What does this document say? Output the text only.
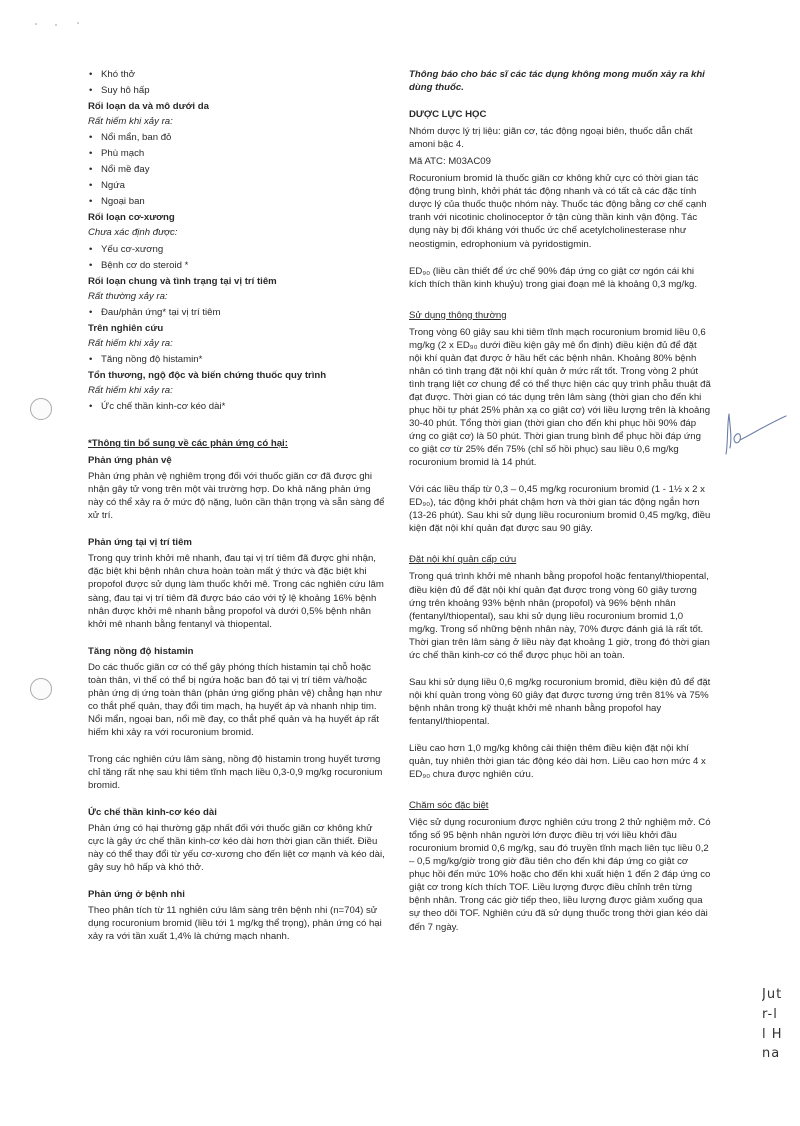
Jut
r-l
l H
na
• Khó thở
• Suy hô hấp
Rối loạn da và mô dưới da
Rất hiếm khi xảy ra:
• Nổi mẩn, ban đỏ
• Phù mạch
• Nổi mề đay
• Ngứa
• Ngoại ban
Rối loạn cơ-xương
Chưa xác định được:
• Yếu cơ-xương
• Bệnh cơ do steroid *
Rối loạn chung và tình trạng tại vị trí tiêm
Rất thường xảy ra:
• Đau/phản ứng* tại vị trí tiêm
Trên nghiên cứu
Rất hiếm khi xảy ra:
• Tăng nồng độ histamin*
Tổn thương, ngộ độc và biến chứng thuốc quy trình
Rất hiếm khi xảy ra:
• Ức chế thần kinh-cơ kéo dài*
*Thông tin bổ sung về các phản ứng có hại:
Phản ứng phản vệ

Phản ứng phản vệ nghiêm trọng đối với thuốc giãn cơ đã được ghi nhận gây tử vong trên một vài trường hợp. Do khả năng phản ứng này có thể xảy ra ở mức độ nặng, luôn cần thận trọng và sẵn sàng để xử trí.

Phản ứng tại vị trí tiêm

Trong quy trình khởi mê nhanh, đau tại vị trí tiêm đã được ghi nhận, đặc biệt khi bệnh nhân chưa hoàn toàn mất ý thức và đặc biệt khi propofol được sử dụng làm thuốc khởi mê. Trong các nghiên cứu lâm sàng, đau tại vị trí tiêm đã được báo cáo với tỷ lệ khoảng 16% bệnh nhân được khởi mê nhanh bằng propofol và dưới 0,5% bệnh nhân khởi mê nhanh bằng fentanyl và thiopental.

Tăng nồng độ histamin

Do các thuốc giãn cơ có thể gây phóng thích histamin tại chỗ hoặc toàn thân, vì thế có thể bị ngứa hoặc ban đỏ tại vị trí tiêm và/hoặc phản ứng dị ứng toàn thân (phản ứng giống phản vệ) chẳng hạn như co thắt phế quản, thay đổi tim mạch, hạ huyết áp và nhanh nhịp tim. Nổi mẩn, ngoại ban, nổi mề đay, co thắt phế quản và hạ huyết áp rất hiếm khi xảy ra với rocuronium bromid.

Trong các nghiên cứu lâm sàng, nồng độ histamin trong huyết tương chỉ tăng rất nhẹ sau khi tiêm tĩnh mạch liều 0,3-0,9 mg/kg rocuronium bromid.

Ức chế thần kinh-cơ kéo dài

Phản ứng có hại thường gặp nhất đối với thuốc giãn cơ không khử cực là gây ức chế thần kinh-cơ kéo dài hơn thời gian cần thiết. Điều này có thể thay đổi từ yếu cơ-xương cho đến liệt cơ mạnh và kéo dài, gây suy hô hấp và khó thở.

Phản ứng ở bệnh nhi

Theo phân tích từ 11 nghiên cứu lâm sàng trên bệnh nhi (n=704) sử dụng rocuronium bromid (liều tới 1 mg/kg thể trọng), phản ứng có hại xảy ra với tần xuất 1,4% là chứng mạch nhanh.

Thông báo cho bác sĩ các tác dụng không mong muốn xảy ra khi dùng thuốc.

DƯỢC LỰC HỌC

Nhóm dược lý trị liệu: giãn cơ, tác động ngoại biên, thuốc dẫn chất amoni bậc 4.

Mã ATC: M03AC09

Rocuronium bromid là thuốc giãn cơ không khử cực có thời gian tác động trung bình, khởi phát tác động nhanh và có tất cả các đặc tính dược lý của thuốc thuộc nhóm này. Thuốc tác động bằng cơ chế cạnh tranh với nicotinic cholinoceptor ở tận cùng thần kinh vận động. Tác dụng này bị đối kháng với thuốc ức chế acetylcholinesterase như neostigmin, edrophonium và pyridostigmin.

ED₉₀ (liều cần thiết để ức chế 90% đáp ứng co giật cơ ngón cái khi kích thích thần kinh khuỷu) trong giai đoạn mê là khoảng 0,3 mg/kg.

Sử dụng thông thường

Trong vòng 60 giây sau khi tiêm tĩnh mạch rocuronium bromid liều 0,6 mg/kg (2 x ED₉₀ dưới điều kiện gây mê ổn định) điều kiện đủ để đặt nội khí quản đạt được ở hầu hết các bệnh nhân. Khoảng 80% bệnh nhân có tình trạng đặt nội khí quản ở mức rất tốt. Trong vòng 2 phút tình trạng liệt cơ chung để có thể thực hiện các quy trình phẫu thuật đã đạt được. Thời gian có tác dụng trên lâm sàng (thời gian cho đến khi phục hồi tự phát 25% phản xạ co giật cơ) với liều lượng trên là khoảng 30-40 phút. Tổng thời gian (thời gian cho đến khi phục hồi 90% đáp ứng co giật cơ) là 50 phút. Thời gian trung bình để phục hồi đáp ứng co giật cơ từ 25% đến 75% (chỉ số hồi phục) sau liều 0,6 mg/kg rocuronium bromid là 14 phút.

Với các liều thấp từ 0,3 – 0,45 mg/kg rocuronium bromid (1 - 1½ x 2 x ED₉₀), tác động khởi phát chậm hơn và thời gian tác động ngắn hơn (13-26 phút). Sau khi sử dụng liều rocuronium bromid 0,45 mg/kg, điều kiện đặt nội khí quản đạt được sau 90 giây.

Đặt nội khí quản cấp cứu

Trong quá trình khởi mê nhanh bằng propofol hoặc fentanyl/thiopental, điều kiện đủ để đặt nội khí quản đạt được trong vòng 60 giây tương ứng trên khoảng 93% bệnh nhân (propofol) và 96% bệnh nhân (fentanyl/thiopental), sau khi sử dụng liều rocuronium bromid 1,0 mg/kg. Trong số những bệnh nhân này, 70% được đánh giá là rất tốt. Thời gian trên lâm sàng ở liều này đạt khoảng 1 giờ, trong đó thời gian ức chế thần kinh-cơ có thể được phục hồi an toàn.

Sau khi sử dụng liều 0,6 mg/kg rocuronium bromid, điều kiện đủ để đặt nội khí quản trong vòng 60 giây đạt được tương ứng trên 81% và 75% bệnh nhân trong kỹ thuật khởi mê nhanh bằng propofol hay fentanyl/thiopental.

Liều cao hơn 1,0 mg/kg không cải thiện thêm điều kiện đặt nội khí quản, tuy nhiên thời gian tác động kéo dài hơn. Liều cao hơn mức 4 x ED₉₀ chưa được nghiên cứu.

Chăm sóc đặc biệt

Việc sử dụng rocuronium được nghiên cứu trong 2 thử nghiệm mở. Có tổng số 95 bệnh nhân người lớn được điều trị với liều khởi đầu rocuronium bromid 0,6 mg/kg, sau đó truyền tĩnh mạch liên tục liều 0,2 – 0,5 mg/kg/giờ trong giờ đầu tiên cho đến khi đáp ứng co giật cơ phục hồi đến mức 10% hoặc cho đến khi xuất hiện 1 đến 2 đáp ứng co giật cơ trong kích thích TOF. Liều lượng được điều chỉnh trên từng bệnh nhân. Trong các giờ tiếp theo, liều lượng được giảm xuống qua sự theo dõi TOF. Nghiên cứu đã sử dụng thuốc trong thời gian kéo dài đến 7 ngày.
